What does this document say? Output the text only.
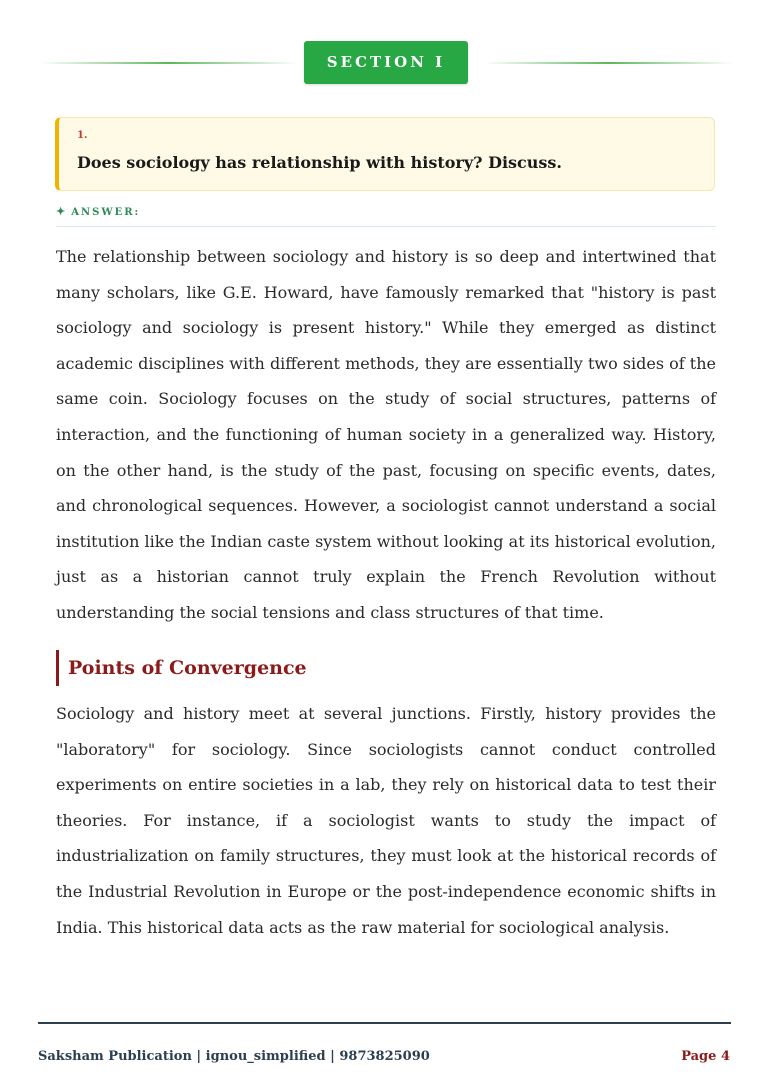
SECTION I
1.
Does sociology has relationship with history? Discuss.
✦ ANSWER:

The relationship between sociology and history is so deep and intertwined that many scholars, like G.E. Howard, have famously remarked that "history is past sociology and sociology is present history." While they emerged as distinct academic disciplines with different methods, they are essentially two sides of the same coin. Sociology focuses on the study of social structures, patterns of interaction, and the functioning of human society in a generalized way. History, on the other hand, is the study of the past, focusing on specific events, dates, and chronological sequences. However, a sociologist cannot understand a social institution like the Indian caste system without looking at its historical evolution, just as a historian cannot truly explain the French Revolution without understanding the social tensions and class structures of that time.

Points of Convergence

Sociology and history meet at several junctions. Firstly, history provides the "laboratory" for sociology. Since sociologists cannot conduct controlled experiments on entire societies in a lab, they rely on historical data to test their theories. For instance, if a sociologist wants to study the impact of industrialization on family structures, they must look at the historical records of the Industrial Revolution in Europe or the post-independence economic shifts in India. This historical data acts as the raw material for sociological analysis.

Saksham Publication | ignou_simplified | 9873825090	Page 4
